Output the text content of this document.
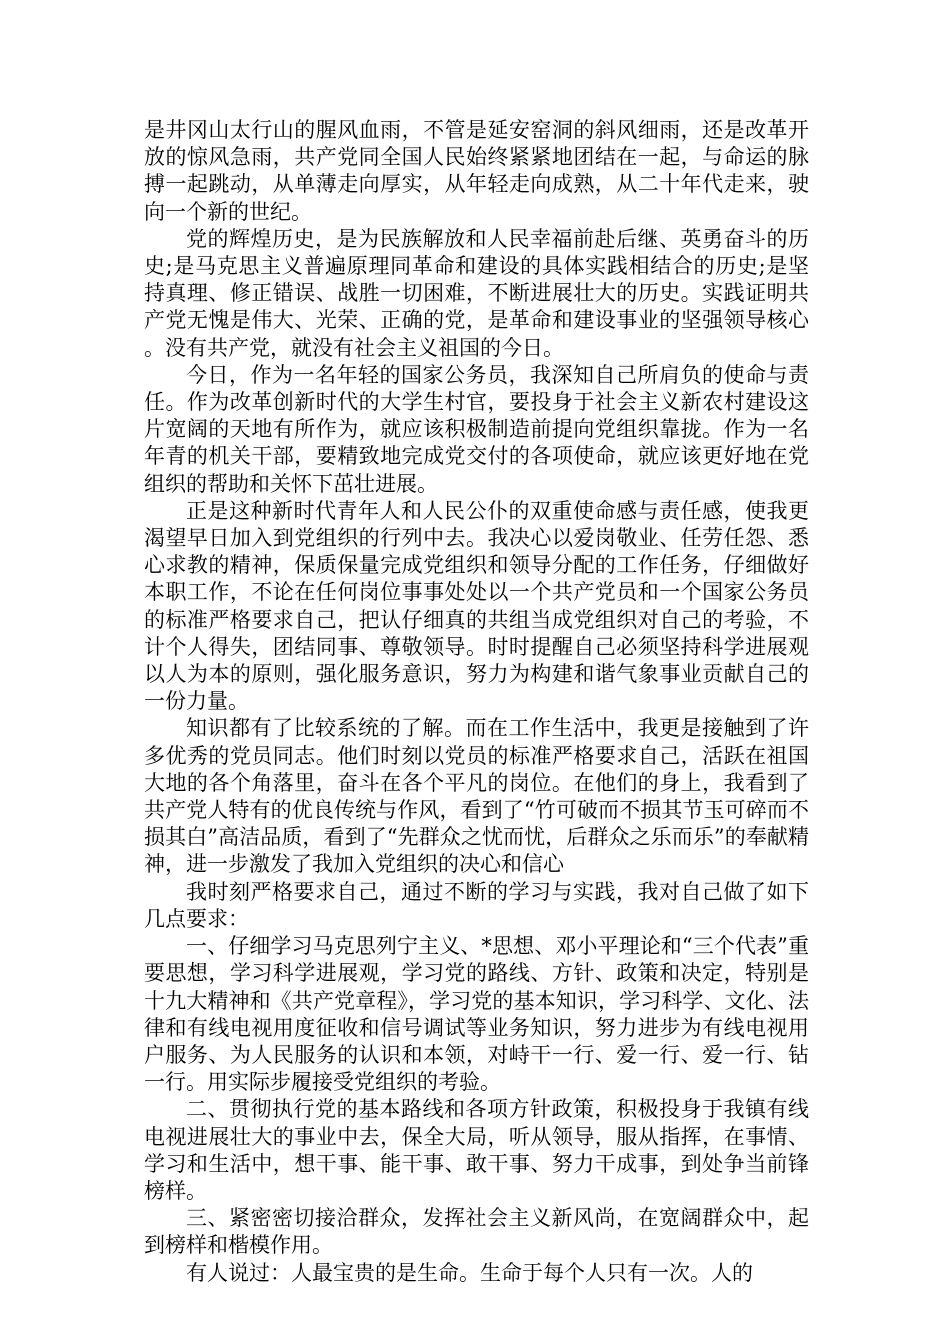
是井冈山太行山的腥风血雨，不管是延安窑洞的斜风细雨，还是改革开放的惊风急雨，共产党同全国人民始终紧紧地团结在一起，与命运的脉搏一起跳动，从单薄走向厚实，从年轻走向成熟，从二十年代走来，驶向一个新的世纪。

党的辉煌历史，是为民族解放和人民幸福前赴后继、英勇奋斗的历史;是马克思主义普遍原理同革命和建设的具体实践相结合的历史;是坚持真理、修正错误、战胜一切困难，不断进展壮大的历史。实践证明共产党无愧是伟大、光荣、正确的党，是革命和建设事业的坚强领导核心。没有共产党，就没有社会主义祖国的今日。

今日，作为一名年轻的国家公务员，我深知自己所肩负的使命与责任。作为改革创新时代的大学生村官，要投身于社会主义新农村建设这片宽阔的天地有所作为，就应该积极制造前提向党组织靠拢。作为一名年青的机关干部，要精致地完成党交付的各项使命，就应该更好地在党组织的帮助和关怀下茁壮进展。

正是这种新时代青年人和人民公仆的双重使命感与责任感，使我更渴望早日加入到党组织的行列中去。我决心以爱岗敬业、任劳任怨、悉心求教的精神，保质保量完成党组织和领导分配的工作任务，仔细做好本职工作，不论在任何岗位事事处处以一个共产党员和一个国家公务员的标准严格要求自己，把认仔细真的共组当成党组织对自己的考验，不计个人得失，团结同事、尊敬领导。时时提醒自己必须坚持科学进展观以人为本的原则，强化服务意识，努力为构建和谐气象事业贡献自己的一份力量。

知识都有了比较系统的了解。而在工作生活中，我更是接触到了许多优秀的党员同志。他们时刻以党员的标准严格要求自己，活跃在祖国大地的各个角落里，奋斗在各个平凡的岗位。在他们的身上，我看到了共产党人特有的优良传统与作风，看到了“竹可破而不损其节玉可碎而不损其白”高洁品质，看到了“先群众之忧而忧，后群众之乐而乐”的奉献精神，进一步激发了我加入党组织的决心和信心

我时刻严格要求自己，通过不断的学习与实践，我对自己做了如下几点要求：

一、仔细学习马克思列宁主义、*思想、邓小平理论和“三个代表”重要思想，学习科学进展观，学习党的路线、方针、政策和决定，特别是十九大精神和《共产党章程》，学习党的基本知识，学习科学、文化、法律和有线电视用度征收和信号调试等业务知识，努力进步为有线电视用户服务、为人民服务的认识和本领，对峙干一行、爱一行、爱一行、钻一行。用实际步履接受党组织的考验。

二、贯彻执行党的基本路线和各项方针政策，积极投身于我镇有线电视进展壮大的事业中去，保全大局，听从领导，服从指挥，在事情、学习和生活中，想干事、能干事、敢干事、努力干成事，到处争当前锋榜样。

三、紧密密切接洽群众，发挥社会主义新风尚，在宽阔群众中，起到榜样和楷模作用。

有人说过：人最宝贵的是生命。生命于每个人只有一次。人的
